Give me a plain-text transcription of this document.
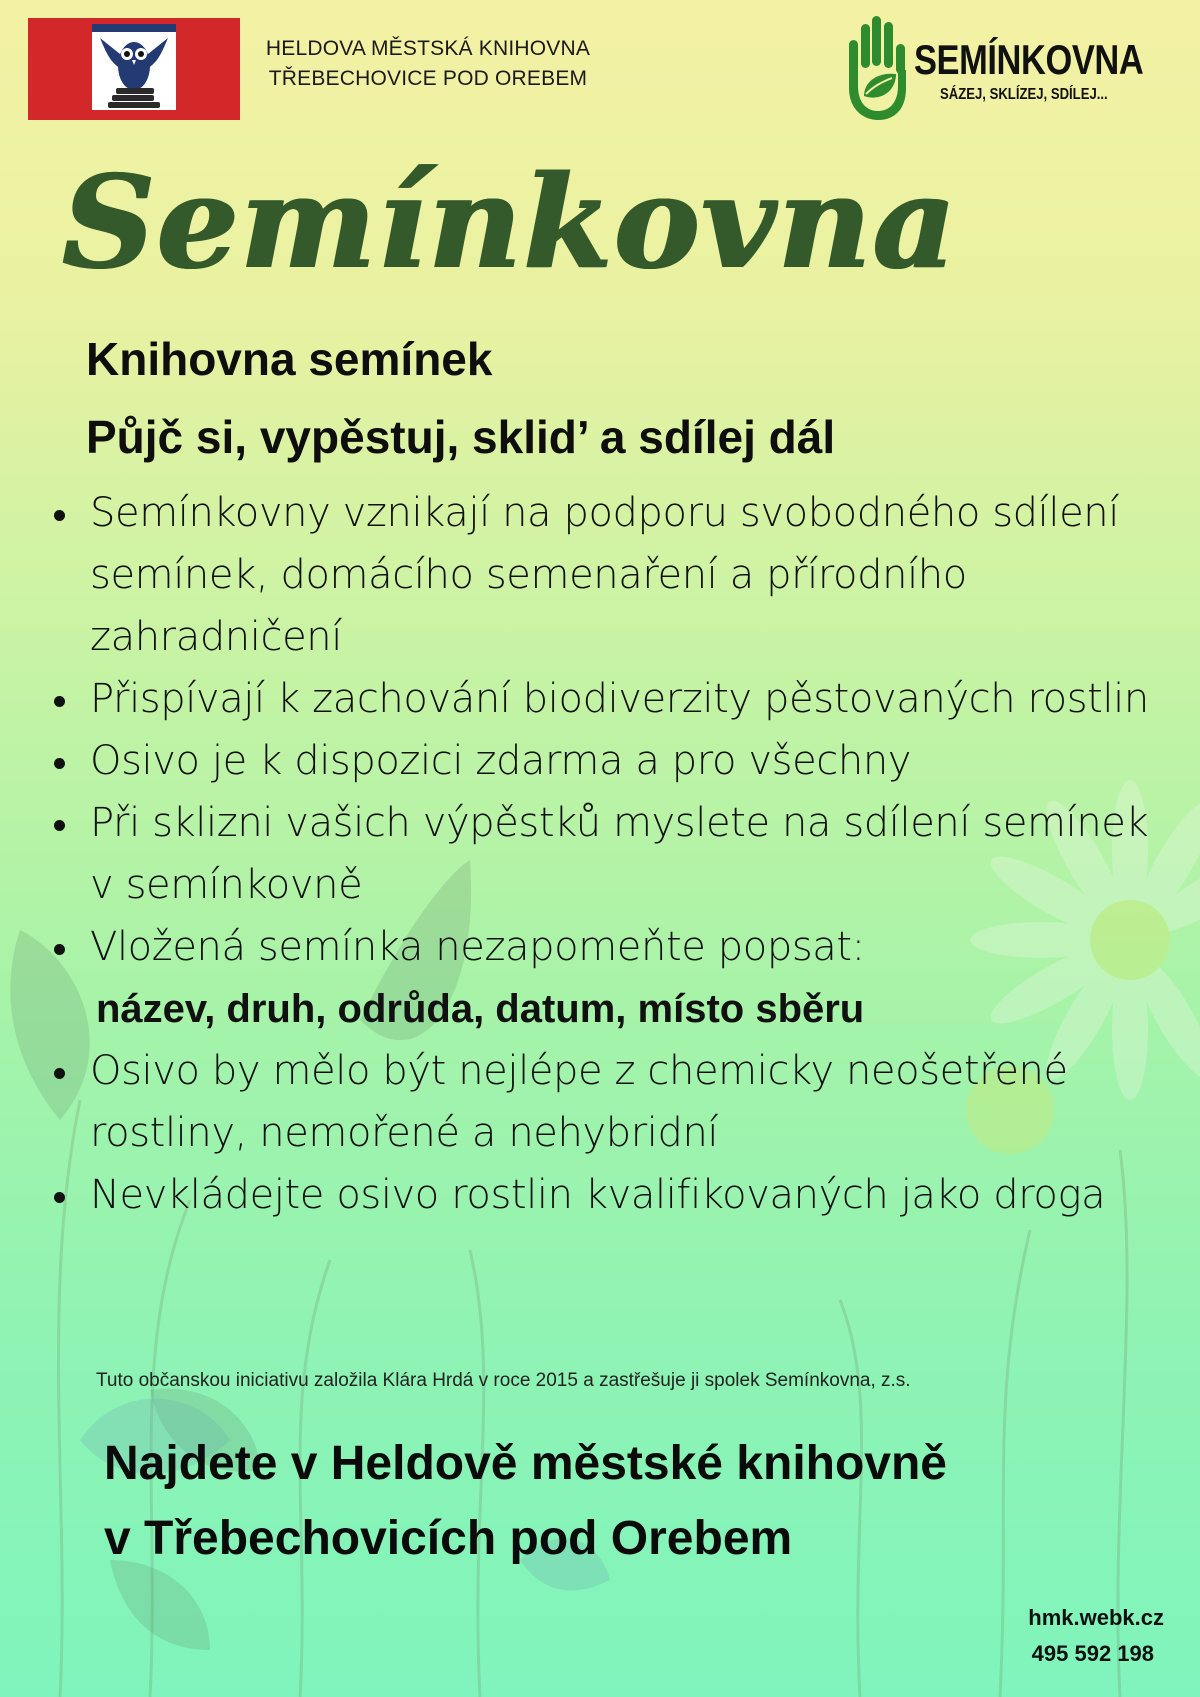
HELDOVA MĚSTSKÁ KNIHOVNA
TŘEBECHOVICE POD OREBEM	SEMÍNKOVNA
SÁZEJ, SKLÍZEJ, SDÍLEJ...
Semínkovna
Knihovna semínek
Půjč si, vypěstuj, sklid’ a sdílej dál
Semínkovny vznikají na podporu svobodného sdílení semínek, domácího semenaření a přírodního zahradničení
Přispívají k zachování biodiverzity pěstovaných rostlin
Osivo je k dispozici zdarma a pro všechny
Při sklizni vašich výpěstků myslete na sdílení semínek v semínkovně
Vložená semínka nezapomeňte popsat:
název, druh, odrůda, datum, místo sběru
Osivo by mělo být nejlépe z chemicky neošetřené rostliny, nemořené a nehybridní
Nevkládejte osivo rostlin kvalifikovaných jako droga
Tuto občanskou iniciativu založila Klára Hrdá v roce 2015 a zastřešuje ji spolek Semínkovna, z.s.
Najdete v Heldově městské knihovně
v Třebechovicích pod Orebem
hmk.webk.cz
495 592 198
